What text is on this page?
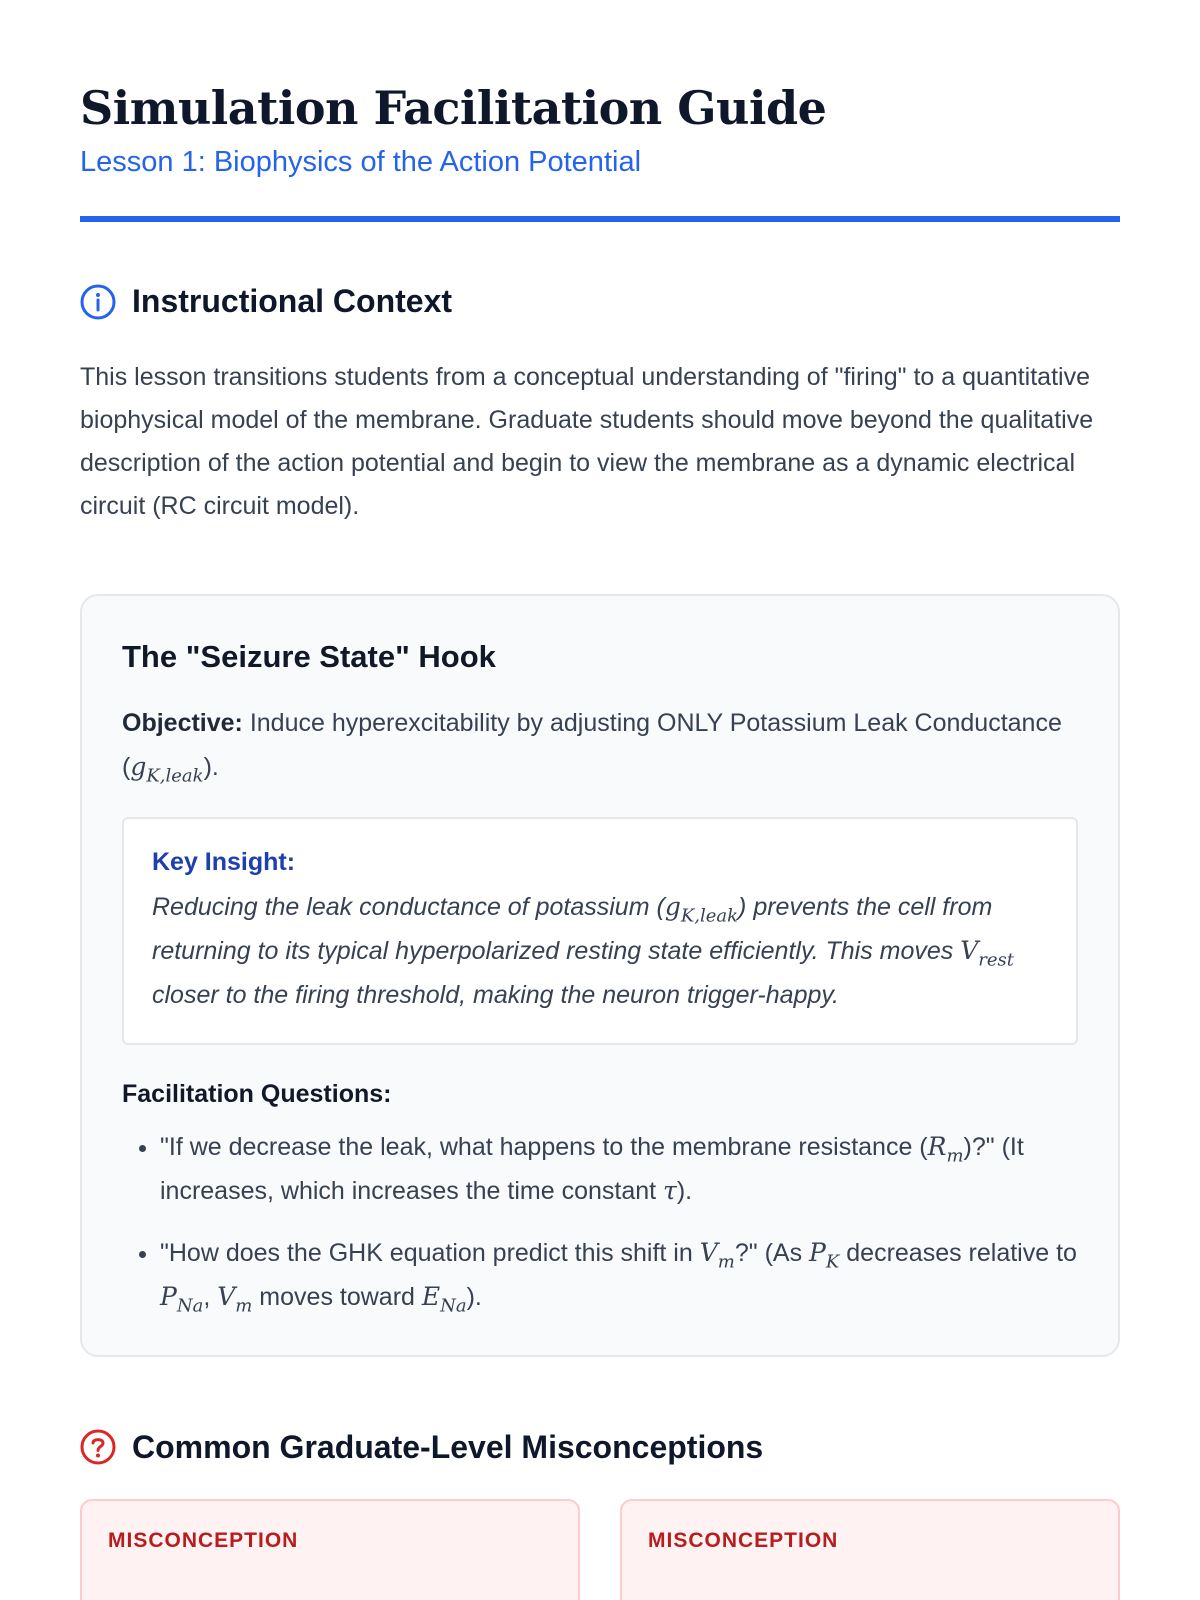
Simulation Facilitation Guide
Lesson 1: Biophysics of the Action Potential
Instructional Context

This lesson transitions students from a conceptual understanding of "firing" to a quantitative biophysical model of the membrane. Graduate students should move beyond the qualitative description of the action potential and begin to view the membrane as a dynamic electrical circuit (RC circuit model).

The "Seizure State" Hook
Objective: Induce hyperexcitability by adjusting ONLY Potassium Leak Conductance $(g_{K,leak})$.
Key Insight:
Reducing the leak conductance of potassium $(g_{K,leak})$ prevents the cell from returning to its typical hyperpolarized resting state efficiently. This moves $V_{rest}$ closer to the firing threshold, making the neuron trigger-happy.
Facilitation Questions:
• "If we decrease the leak, what happens to the membrane resistance $(R_m)$?" (It increases, which increases the time constant τ).
• "How does the GHK equation predict this shift in $V_m$?" (As $P_K$ decreases relative to $P_{Na}$, $V_m$ moves toward $E_{Na}$).
Common Graduate-Level Misconceptions
MISCONCEPTION	MISCONCEPTION
